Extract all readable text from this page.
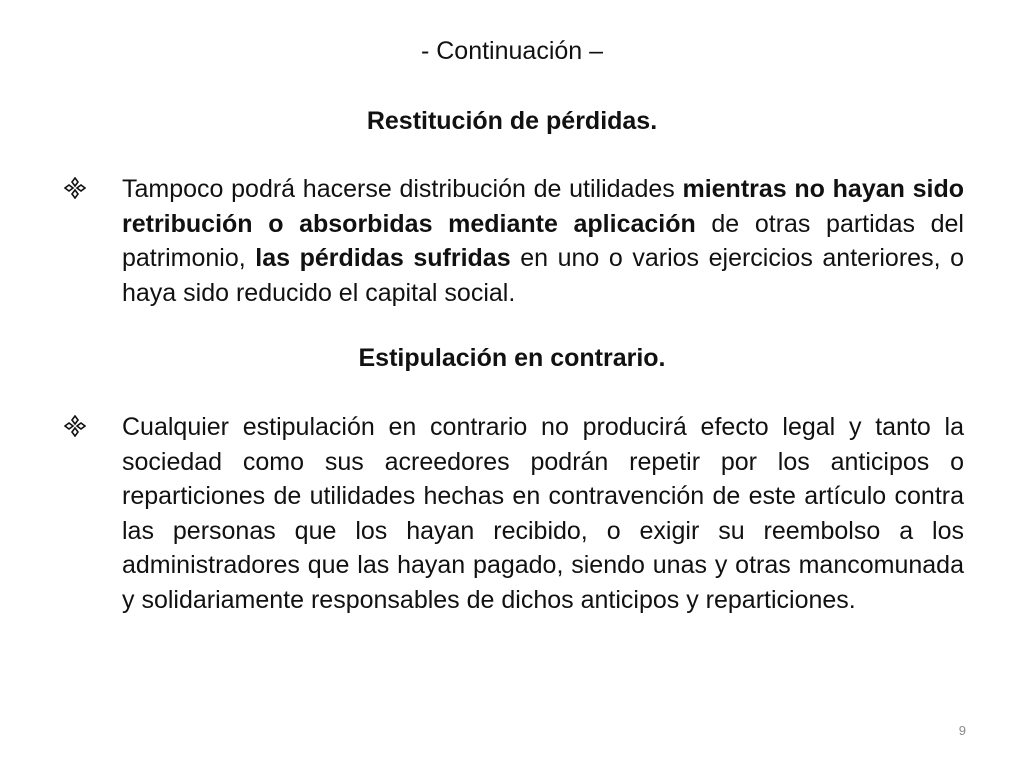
- Continuación –
Restitución de pérdidas.
Tampoco podrá hacerse distribución de utilidades mientras no hayan sido retribución o absorbidas mediante aplicación de otras partidas del patrimonio, las pérdidas sufridas en uno o varios ejercicios anteriores, o haya sido reducido el capital social.
Estipulación en contrario.
Cualquier estipulación en contrario no producirá efecto legal y tanto la sociedad como sus acreedores podrán repetir por los anticipos o reparticiones de utilidades hechas en contravención de este artículo contra las personas que los hayan recibido, o exigir su reembolso a los administradores que las hayan pagado, siendo unas y otras mancomunada y solidariamente responsables de dichos anticipos y reparticiones.
9
